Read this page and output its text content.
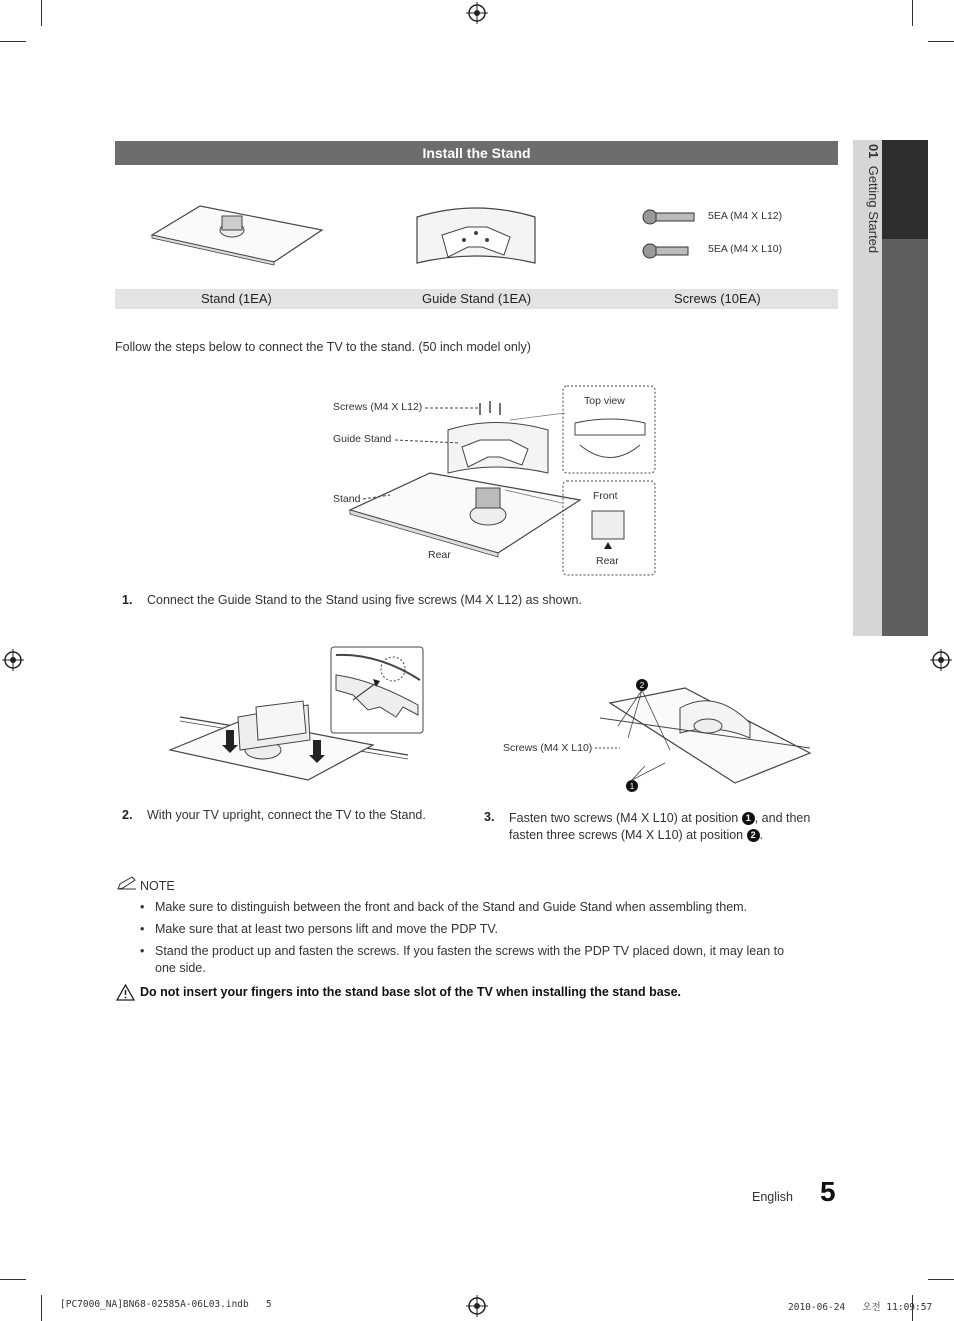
01  Getting Started
Install the Stand
5EA (M4 X L12)
5EA (M4 X L10)
Stand (1EA)	Guide Stand (1EA)	Screws (10EA)
Follow the steps below to connect the TV to the stand. (50 inch model only)
Screws (M4 X L12)
Guide Stand
Stand
Rear
Top view
Front
Rear
1. Connect the Guide Stand to the Stand using five screws (M4 X L12) as shown.
2
1
Screws (M4 X L10)
2. With your TV upright, connect the TV to the Stand.	3. Fasten two screws (M4 X L10) at position 1 , and then
fasten three screws (M4 X L10) at position 2 .
NOTE
• Make sure to distinguish between the front and back of the Stand and Guide Stand when assembling them.
• Make sure that at least two persons lift and move the PDP TV.
• Stand the product up and fasten the screws. If you fasten the screws with the PDP TV placed down, it may lean to
one side.
Do not insert your fingers into the stand base slot of the TV when installing the stand base.
English 5
[PC7000_NA]BN68-02585A-06L03.indb   5	2010-06-24   오전 11:09:57
